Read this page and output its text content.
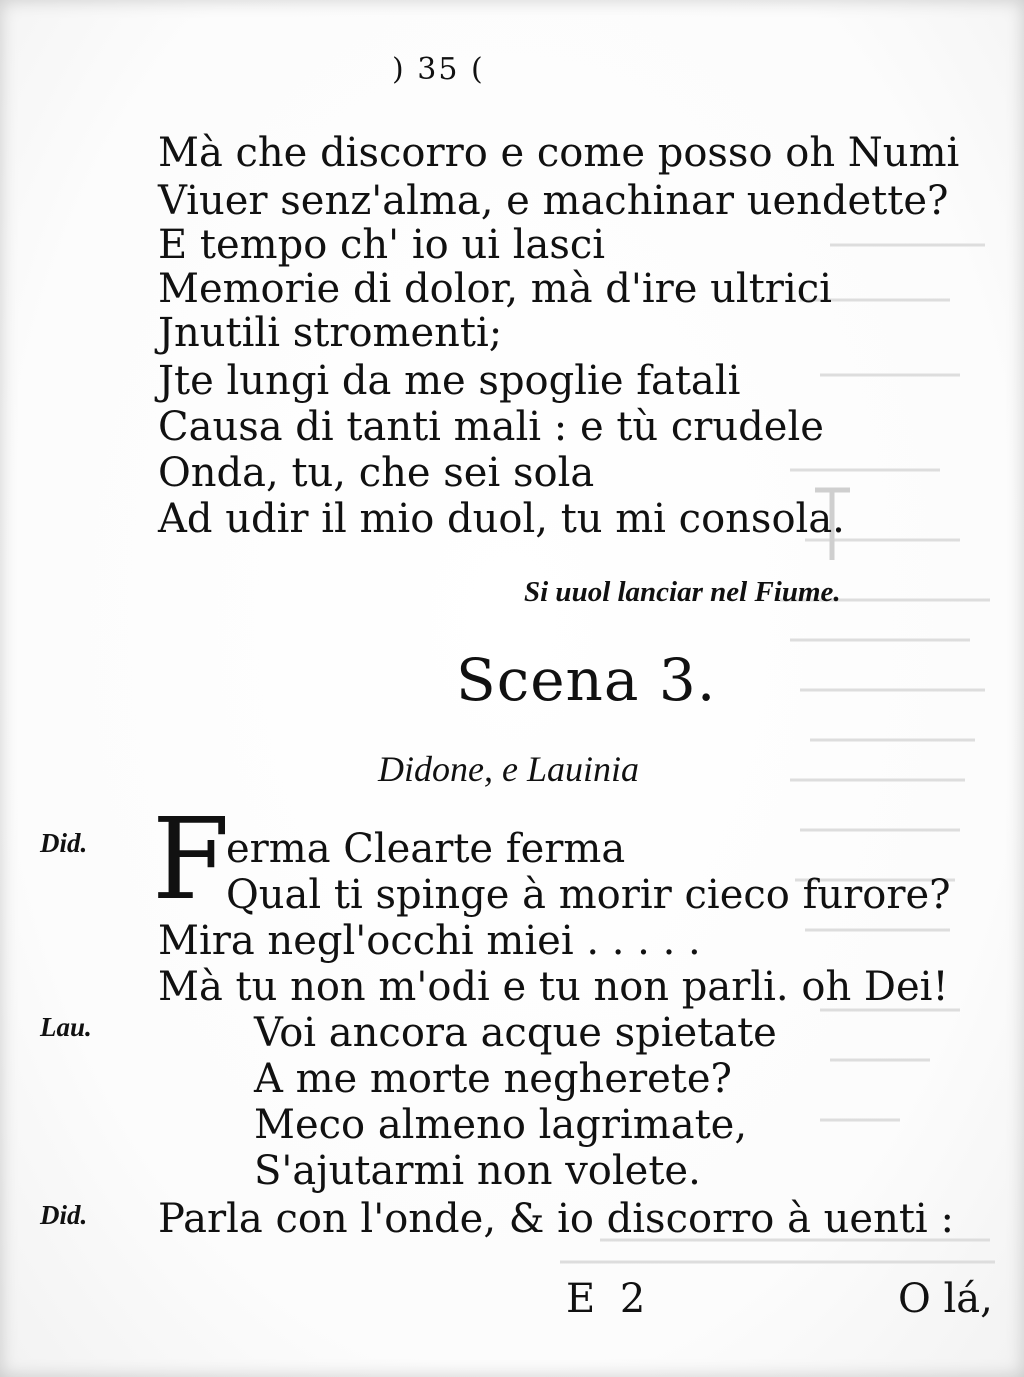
) 35 (
Mà che discorro e come posso oh Numi
Viuer senz'alma, e machinar uendette?
E tempo ch' io ui lasci
Memorie di dolor, mà d'ire ultrici
Jnutili stromenti;
Jte lungi da me spoglie fatali
Causa di tanti mali : e tù crudele
Onda, tu, che sei sola
Ad udir il mio duol, tu mi consola.
Si uuol lanciar nel Fiume.
Scena 3.
Didone, e Lauinia
Did. F
erma Clearte ferma
Qual ti spinge à morir cieco furore?
Mira negl'occhi miei . . . . .
Mà tu non m'odi e tu non parli. oh Dei!
Lau.	Voi ancora acque spietate
A me morte negherete?
Meco almeno lagrimate,
S'ajutarmi non volete.
Did. Parla con l'onde, & io discorro à uenti :
E 2	O lá,
